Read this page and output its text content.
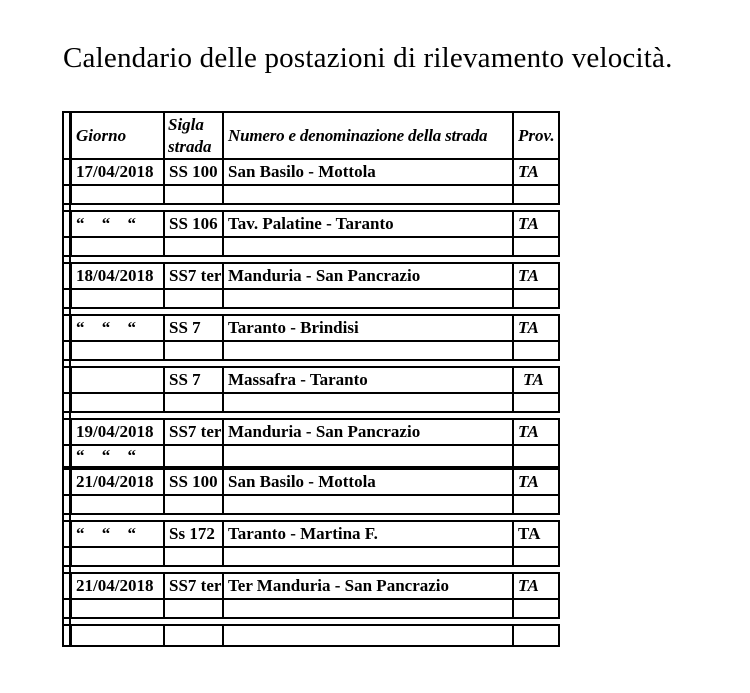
Calendario delle postazioni di rilevamento velocità.
	Giorno	Sigla strada	Numero e denominazione della strada	Prov.
	17/04/2018	SS 100	San Basilo - Mottola	TA

	“ “ “	SS 106	Tav. Palatine - Taranto	TA

	18/04/2018	SS7 ter	Manduria - San Pancrazio	TA

	“ “ “	SS 7	Taranto - Brindisi	TA

		SS 7	Massafra - Taranto	TA

	19/04/2018	SS7 ter	Manduria - San Pancrazio	TA
	“ “ “			
	21/04/2018	SS 100	San Basilo - Mottola	TA

	“ “ “	Ss 172	Taranto - Martina F.	TA

	21/04/2018	SS7 ter	Ter Manduria - San Pancrazio	TA
